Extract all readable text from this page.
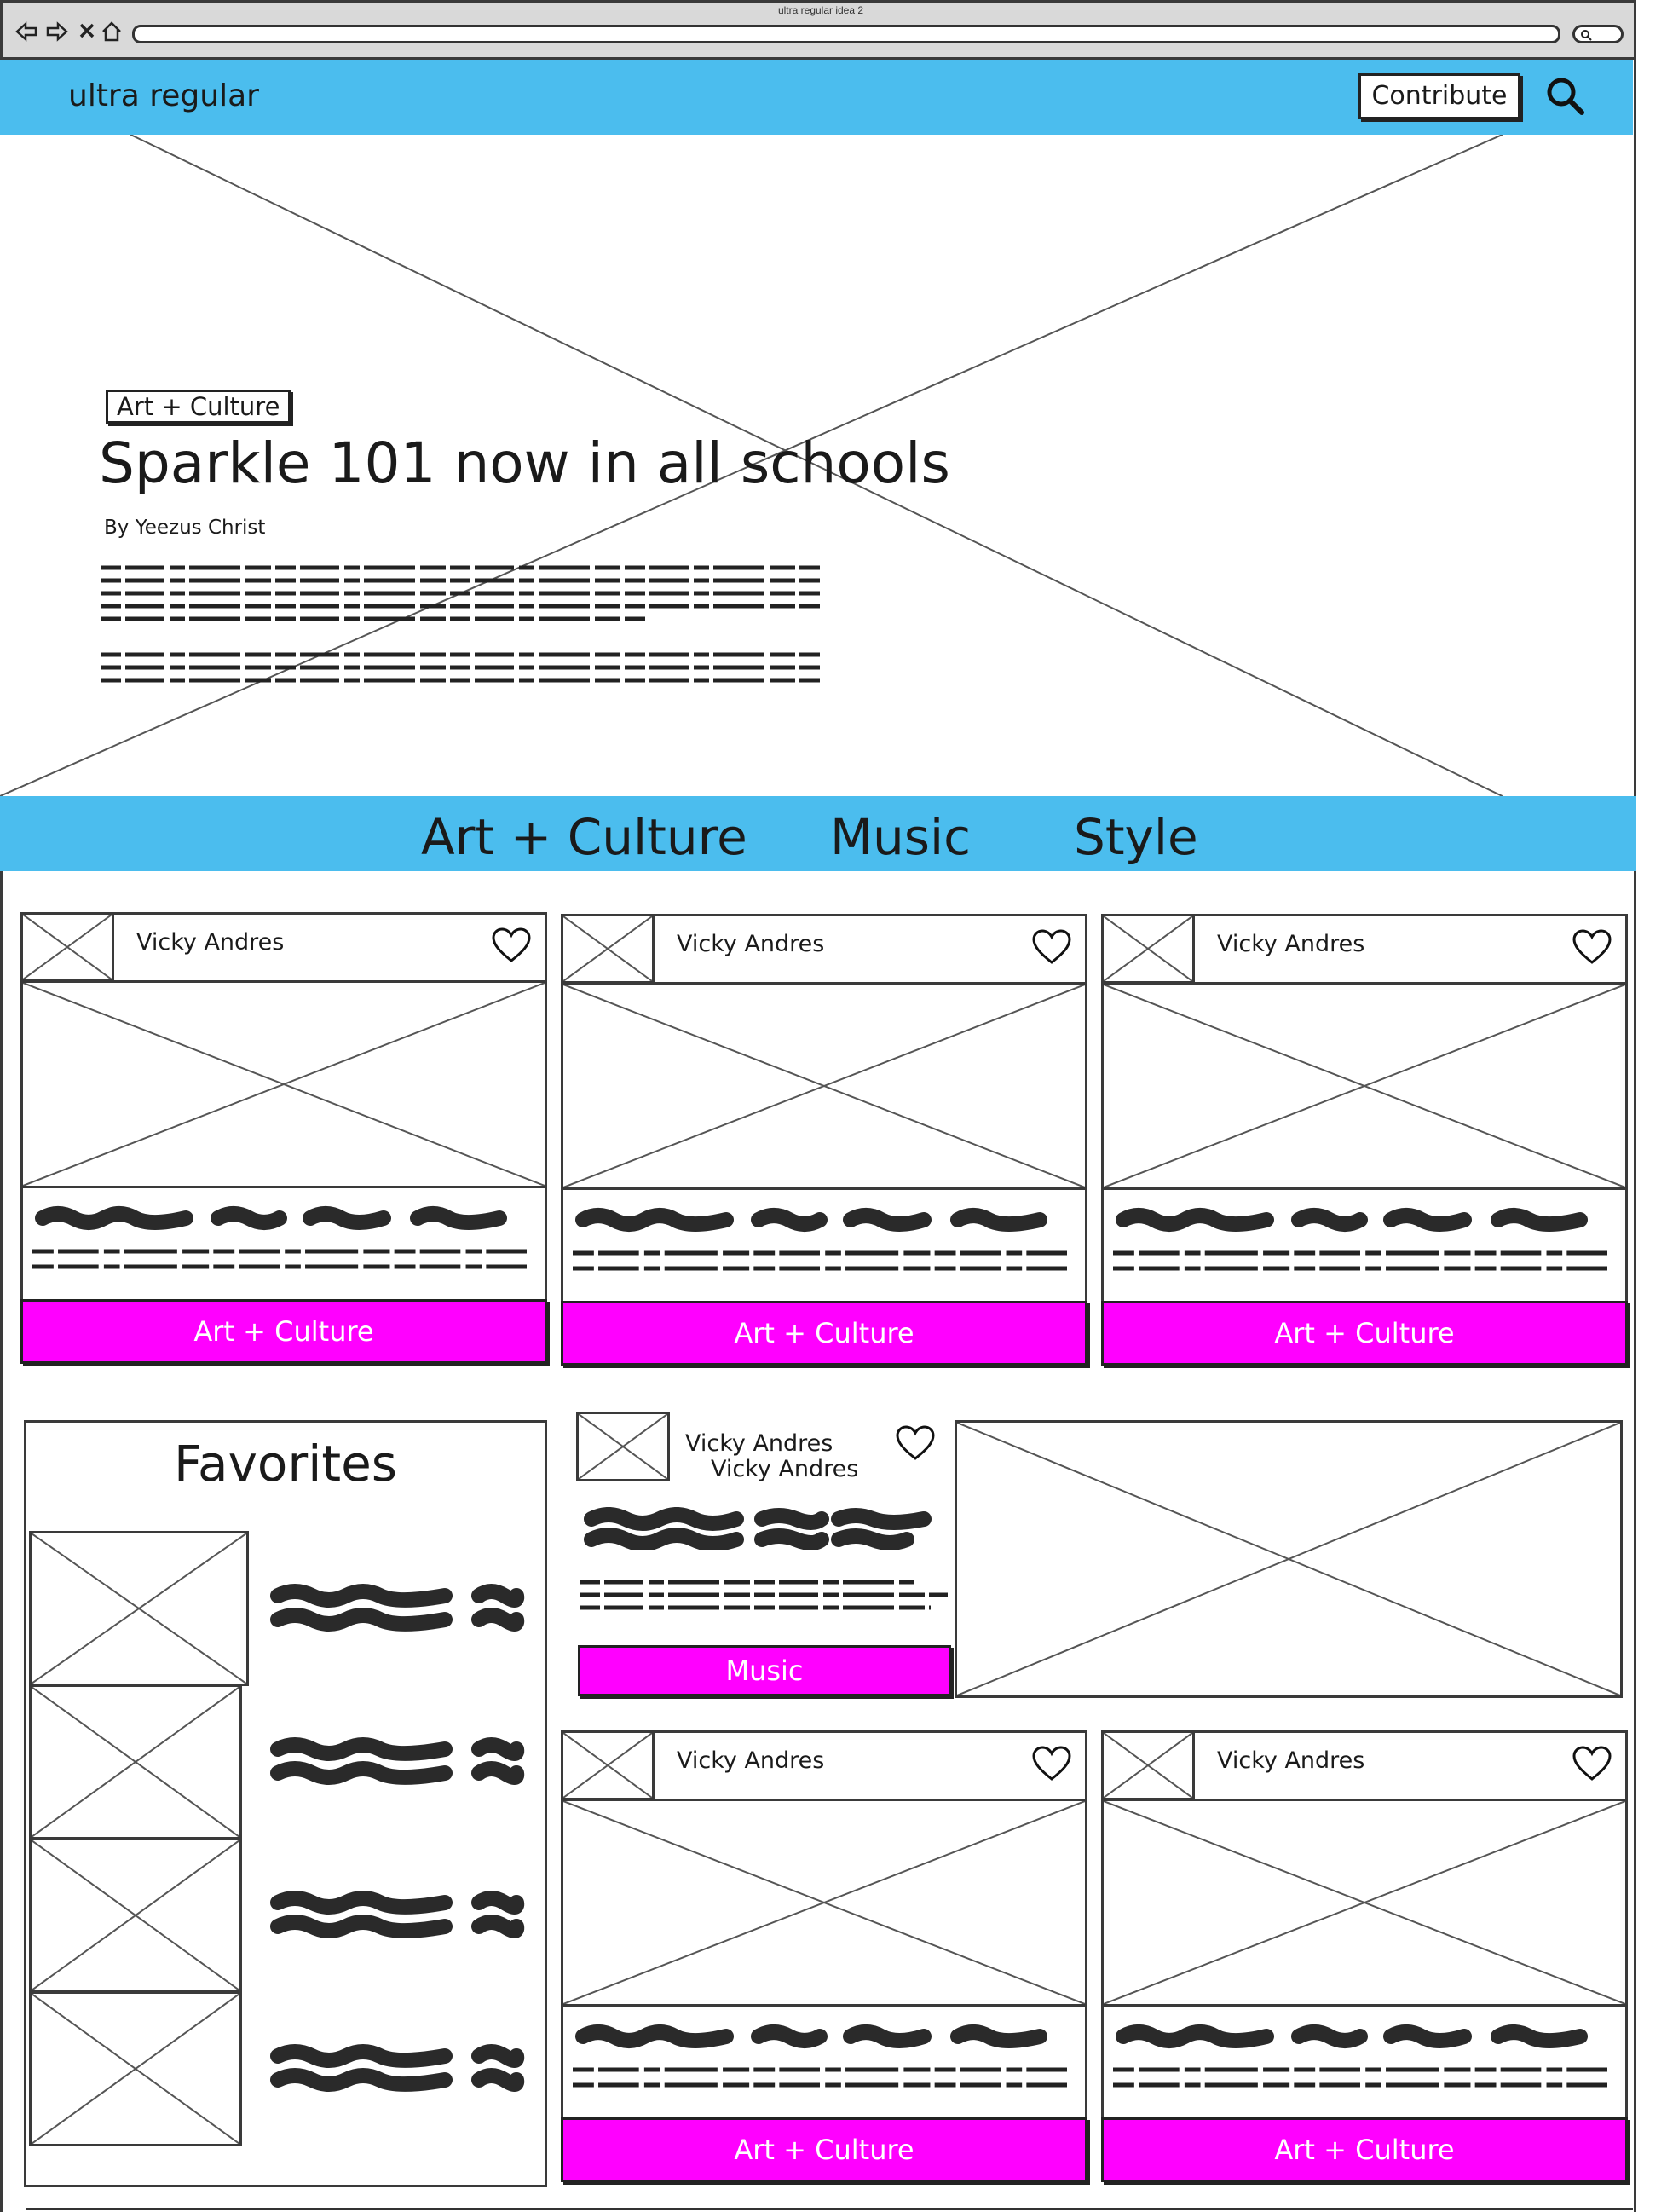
ultra regular idea 2
ultra regular	Contribute
Art + Culture
Sparkle 101 now in all schools
By Yeezus Christ
Art + Culture Music Style
Vicky Andres
Art + Culture
Vicky Andres
Art + Culture
Vicky Andres
Art + Culture
Vicky Andres
Art + Culture
Vicky Andres
Art + Culture
Favorites	Vicky Andres
Vicky Andres
Music
